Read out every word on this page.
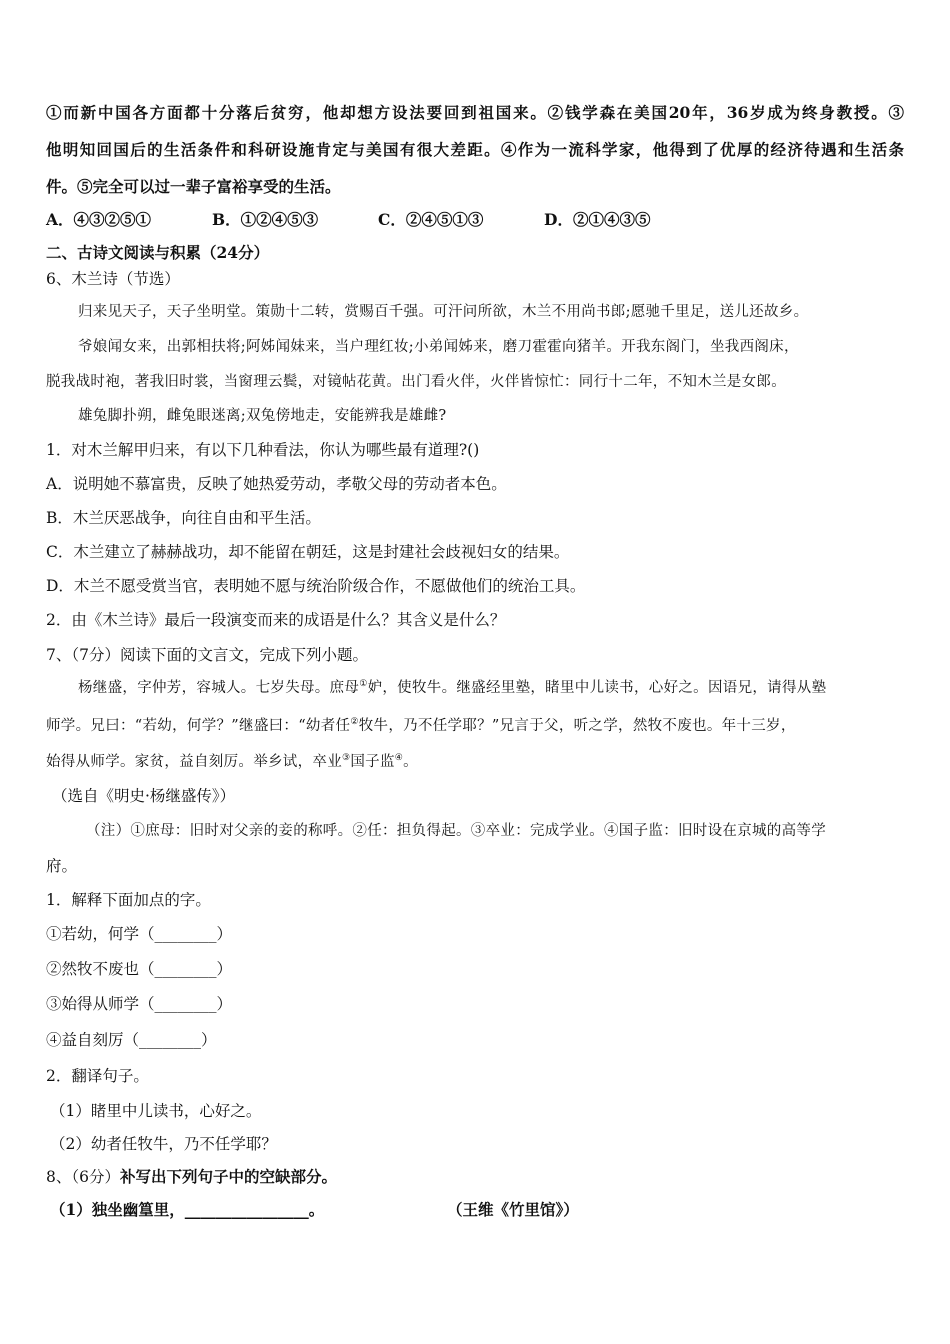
①而新中国各方面都十分落后贫穷，他却想方设法要回到祖国来。②钱学森在美国20年，36岁成为终身教授。③
他明知回国后的生活条件和科研设施肯定与美国有很大差距。④作为一流科学家，他得到了优厚的经济待遇和生活条
件。⑤完全可以过一辈子富裕享受的生活。
A．④③②⑤①	B．①②④⑤③	C．②④⑤①③	D．②①④③⑤
二、古诗文阅读与积累（24分）
6、木兰诗（节选）
归来见天子，天子坐明堂。策勋十二转，赏赐百千强。可汗问所欲，木兰不用尚书郎;愿驰千里足，送儿还故乡。
爷娘闻女来，出郭相扶将;阿姊闻妹来，当户理红妆;小弟闻姊来，磨刀霍霍向猪羊。开我东阁门，坐我西阁床，
脱我战时袍，著我旧时裳，当窗理云鬓，对镜帖花黄。出门看火伴，火伴皆惊忙：同行十二年，不知木兰是女郎。
雄兔脚扑朔，雌兔眼迷离;双兔傍地走，安能辨我是雄雌?
1．对木兰解甲归来，有以下几种看法，你认为哪些最有道理?()
A．说明她不慕富贵，反映了她热爱劳动，孝敬父母的劳动者本色。
B．木兰厌恶战争，向往自由和平生活。
C．木兰建立了赫赫战功，却不能留在朝廷，这是封建社会歧视妇女的结果。
D．木兰不愿受赏当官，表明她不愿与统治阶级合作，不愿做他们的统治工具。
2．由《木兰诗》最后一段演变而来的成语是什么？其含义是什么？
7、（7分）阅读下面的文言文，完成下列小题。
杨继盛，字仲芳，容城人。七岁失母。庶母①妒，使牧牛。继盛经里塾，睹里中儿读书，心好之。因语兄，请得从塾
师学。兄曰：“若幼，何学？”继盛曰：“幼者任②牧牛，乃不任学耶？”兄言于父，听之学，然牧不废也。年十三岁，
始得从师学。家贫，益自刻厉。举乡试，卒业③国子监④。
（选自《明史·杨继盛传》）
（注）①庶母：旧时对父亲的妾的称呼。②任：担负得起。③卒业：完成学业。④国子监：旧时设在京城的高等学
府。
1．解释下面加点的字。
①若幼，何学（________）
②然牧不废也（________）
③始得从师学（________）
④益自刻厉（________）
2．翻译句子。
（1）睹里中儿读书，心好之。
（2）幼者任牧牛，乃不任学耶？
8、（6分）补写出下列句子中的空缺部分。
（1）独坐幽篁里，________________。	（王维《竹里馆》）
